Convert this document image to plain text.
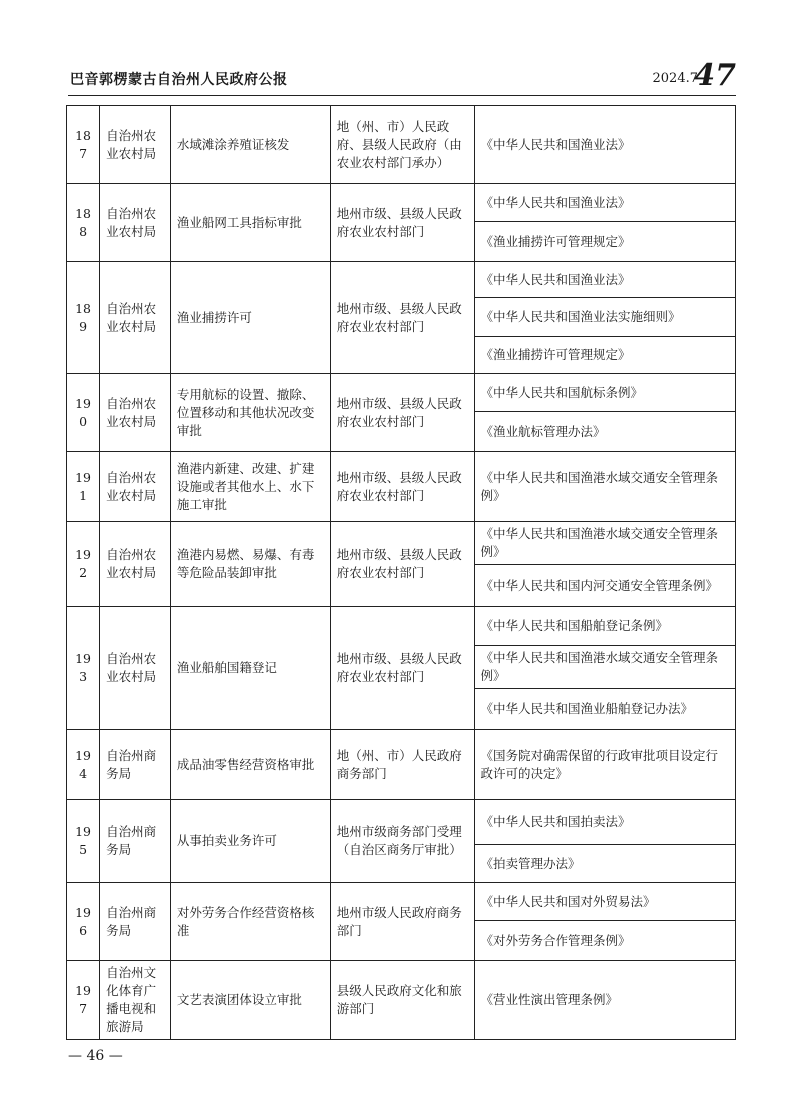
巴音郭楞蒙古自治州人民政府公报	2024.7
47
187	自治州农业农村局	水域滩涂养殖证核发	地（州、市）人民政府、县级人民政府（由农业农村部门承办）	《中华人民共和国渔业法》
188	自治州农业农村局	渔业船网工具指标审批	地州市级、县级人民政府农业农村部门	《中华人民共和国渔业法》
				《渔业捕捞许可管理规定》
189	自治州农业农村局	渔业捕捞许可	地州市级、县级人民政府农业农村部门	《中华人民共和国渔业法》
				《中华人民共和国渔业法实施细则》
				《渔业捕捞许可管理规定》
190	自治州农业农村局	专用航标的设置、撤除、位置移动和其他状况改变审批	地州市级、县级人民政府农业农村部门	《中华人民共和国航标条例》
				《渔业航标管理办法》
191	自治州农业农村局	渔港内新建、改建、扩建设施或者其他水上、水下施工审批	地州市级、县级人民政府农业农村部门	《中华人民共和国渔港水域交通安全管理条例》
192	自治州农业农村局	渔港内易燃、易爆、有毒等危险品装卸审批	地州市级、县级人民政府农业农村部门	《中华人民共和国渔港水域交通安全管理条例》
				《中华人民共和国内河交通安全管理条例》
193	自治州农业农村局	渔业船舶国籍登记	地州市级、县级人民政府农业农村部门	《中华人民共和国船舶登记条例》
				《中华人民共和国渔港水域交通安全管理条例》
				《中华人民共和国渔业船舶登记办法》
194	自治州商务局	成品油零售经营资格审批	地（州、市）人民政府商务部门	《国务院对确需保留的行政审批项目设定行政许可的决定》
195	自治州商务局	从事拍卖业务许可	地州市级商务部门受理（自治区商务厅审批）	《中华人民共和国拍卖法》
				《拍卖管理办法》
196	自治州商务局	对外劳务合作经营资格核准	地州市级人民政府商务部门	《中华人民共和国对外贸易法》
				《对外劳务合作管理条例》
197	自治州文化体育广播电视和旅游局	文艺表演团体设立审批	县级人民政府文化和旅游部门	《营业性演出管理条例》
— 46 —
